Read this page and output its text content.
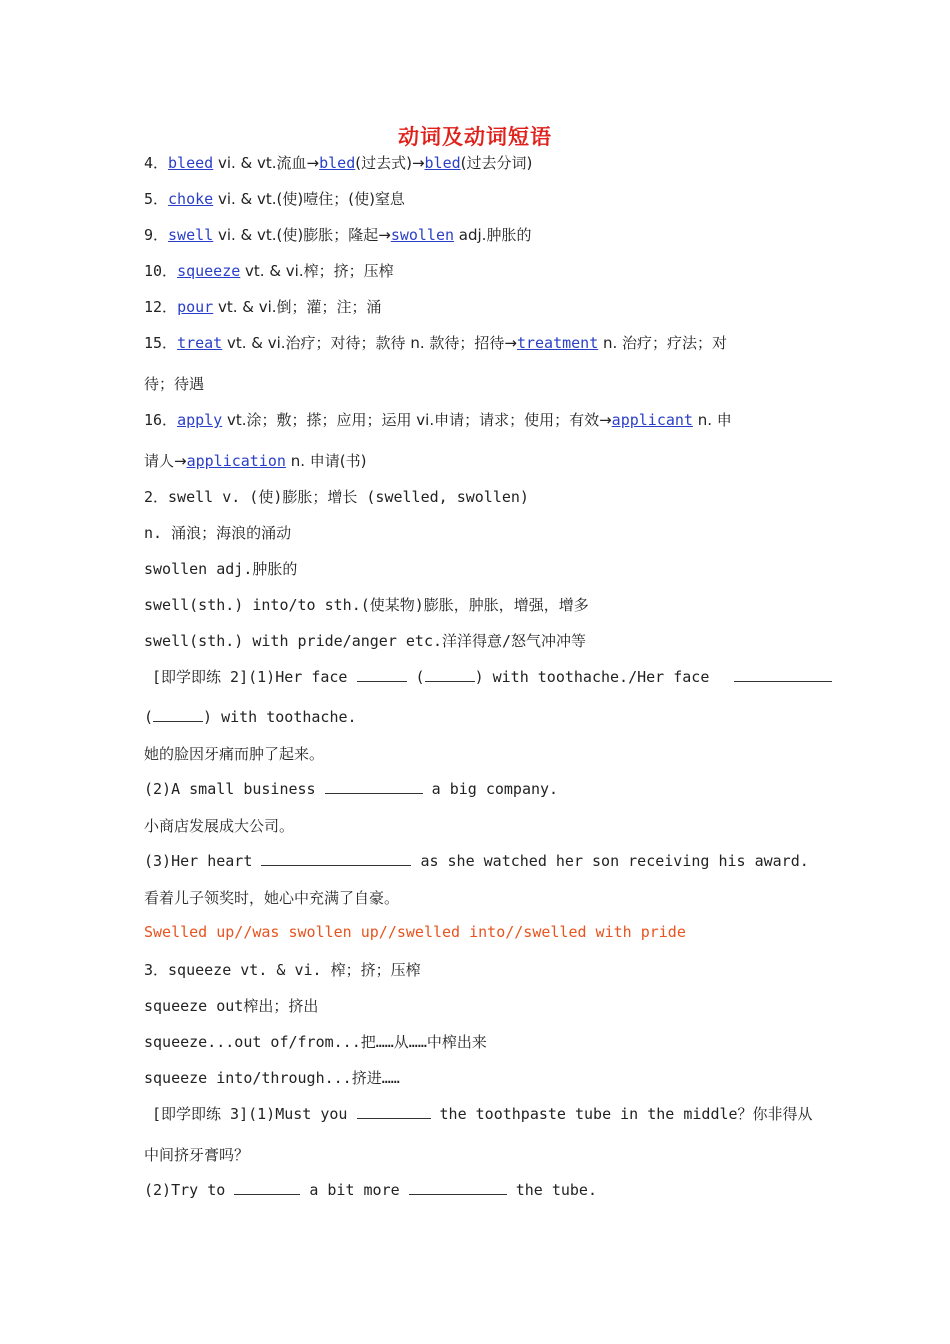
动词及动词短语
4．bleed vi. & vt.流血→bled(过去式)→bled(过去分词)
5．choke vi. & vt.(使)噎住；(使)窒息
9．swell vi. & vt.(使)膨胀；隆起→swollen adj.肿胀的
10．squeeze vt. & vi.榨；挤；压榨
12．pour vt. & vi.倒；灌；注；涌
15．treat vt. & vi.治疗；对待；款待 n. 款待；招待→treatment n. 治疗；疗法；对
待；待遇
16．apply vt.涂；敷；搽；应用；运用 vi.申请；请求；使用；有效→applicant n. 申
请人→application n. 申请(书)
2．swell v. (使)膨胀；增长 (swelled, swollen)
n. 涌浪；海浪的涌动
swollen adj.肿胀的
swell(sth.) into/to sth.(使某物)膨胀，肿胀，增强，增多
swell(sth.) with pride/anger etc.洋洋得意/怒气冲冲等
[即学即练 2](1)Her face	(	) with toothache./Her face
(	) with toothache.
她的脸因牙痛而肿了起来。
(2)A small business	a big company.
小商店发展成大公司。
(3)Her heart	as she watched her son receiving his award.
看着儿子领奖时，她心中充满了自豪。
Swelled up//was swollen up//swelled into//swelled with pride
3．squeeze vt. & vi. 榨；挤；压榨
squeeze out榨出；挤出
squeeze...out of/from...把……从……中榨出来
squeeze into/through...挤进……
[即学即练 3](1)Must you	the toothpaste tube in the middle？你非得从
中间挤牙膏吗？
(2)Try to	a bit more	the tube.
